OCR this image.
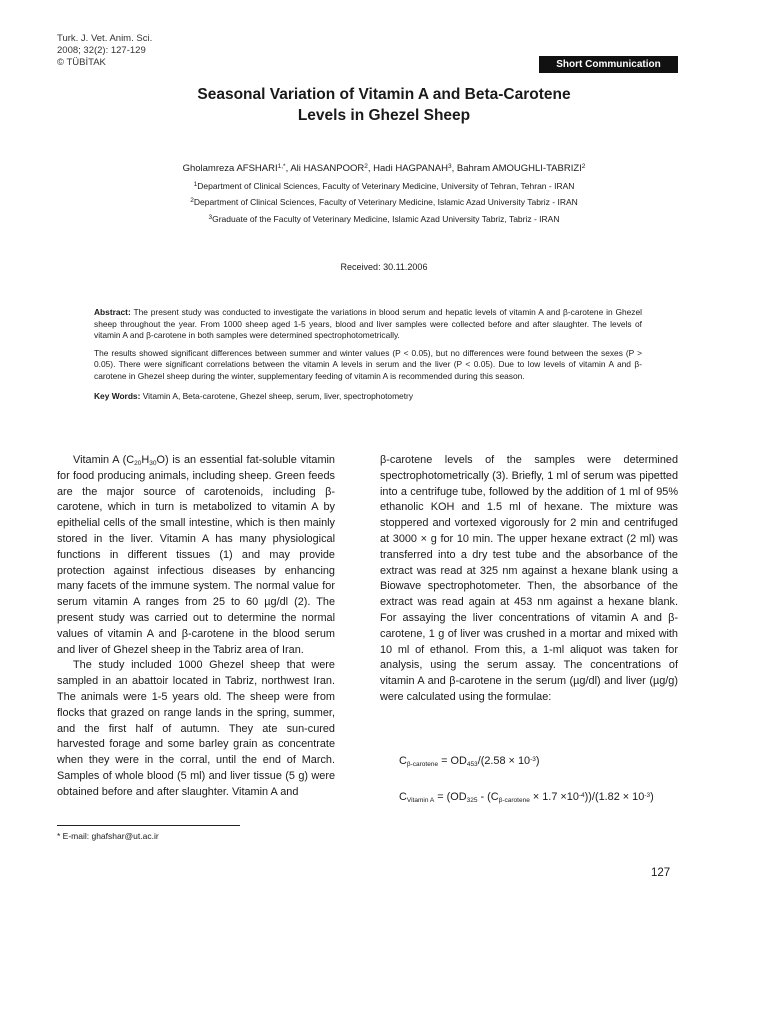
Turk. J. Vet. Anim. Sci.
2008; 32(2): 127-129
© TÜBİTAK	Short Communication
Seasonal Variation of Vitamin A and Beta-Carotene
Levels in Ghezel Sheep
Gholamreza $AFSHARI^{1,*}$, Ali HASANPOOR$^2$, Hadi HAGPANAH$^3$, Bahram AMOUGHLI-TABRIZI$^2$
$^1$Department of Clinical Sciences, Faculty of Veterinary Medicine, University of Tehran, Tehran - IRAN
$^2$Department of Clinical Sciences, Faculty of Veterinary Medicine, Islamic Azad University Tabriz - IRAN
$^3$Graduate of the Faculty of Veterinary Medicine, Islamic Azad University Tabriz, Tabriz - IRAN
Received: 30.11.2006

Abstract: The present study was conducted to investigate the variations in blood serum and hepatic levels of vitamin A and β-carotene in Ghezel sheep throughout the year. From 1000 sheep aged 1-5 years, blood and liver samples were collected before and after slaughter. The levels of vitamin A and β-carotene in both samples were determined spectrophotometrically.

The results showed significant differences between summer and winter values (P < 0.05), but no differences were found between the sexes (P > 0.05). There were significant correlations between the vitamin A levels in serum and the liver (P < 0.05). Due to low levels of vitamin A and β-carotene in Ghezel sheep during the winter, supplementary feeding of vitamin A is recommended during this season.

Key Words: Vitamin A, Beta-carotene, Ghezel sheep, serum, liver, spectrophotometry

Vitamin A $(C_{20}H_{30}O)$ is an essential fat-soluble vitamin for food producing animals, including sheep. Green feeds are the major source of carotenoids, including β-carotene, which in turn is metabolized to vitamin A by epithelial cells of the small intestine, which is then mainly stored in the liver. Vitamin A has many physiological functions in different tissues (1) and may provide protection against infectious diseases by enhancing many facets of the immune system. The normal value for serum vitamin A ranges from 25 to 60 µg/dl (2). The present study was carried out to determine the normal values of vitamin A and β-carotene in the blood serum and liver of Ghezel sheep in the Tabriz area of Iran.

The study included 1000 Ghezel sheep that were sampled in an abattoir located in Tabriz, northwest Iran. The animals were 1-5 years old. The sheep were from flocks that grazed on range lands in the spring, summer, and the first half of autumn. They ate sun-cured harvested forage and some barley grain as concentrate when they were in the corral, until the end of March. Samples of whole blood (5 ml) and liver tissue (5 g) were obtained before and after slaughter. Vitamin A and

β-carotene levels of the samples were determined spectrophotometrically (3). Briefly, 1 ml of serum was pipetted into a centrifuge tube, followed by the addition of 1 ml of 95% ethanolic KOH and 1.5 ml of hexane. The mixture was stoppered and vortexed vigorously for 2 min and centrifuged at 3000 × g for 10 min. The upper hexane extract (2 ml) was transferred into a dry test tube and the absorbance of the extract was read at 325 nm against a hexane blank using a Biowave spectrophotometer. Then, the absorbance of the extract was read again at 453 nm against a hexane blank. For assaying the liver concentrations of vitamin A and β-carotene, 1 g of liver was crushed in a mortar and mixed with 10 ml of ethanol. From this, a 1-ml aliquot was taken for analysis, using the serum assay. The concentrations of vitamin A and β-carotene in the serum (µg/dl) and liver (µg/g) were calculated using the formulae:

$C_{\beta-carotene} = OD_{453}/(2.58 \times 10^{-3})$
$C_{Vitamin A} = (OD_{325} - (C_{\beta-carotene} \times 1.7 \times 10^{-4}))/(1.82 \times 10^{-3})$
* E-mail: ghafshar@ut.ac.ir
127
